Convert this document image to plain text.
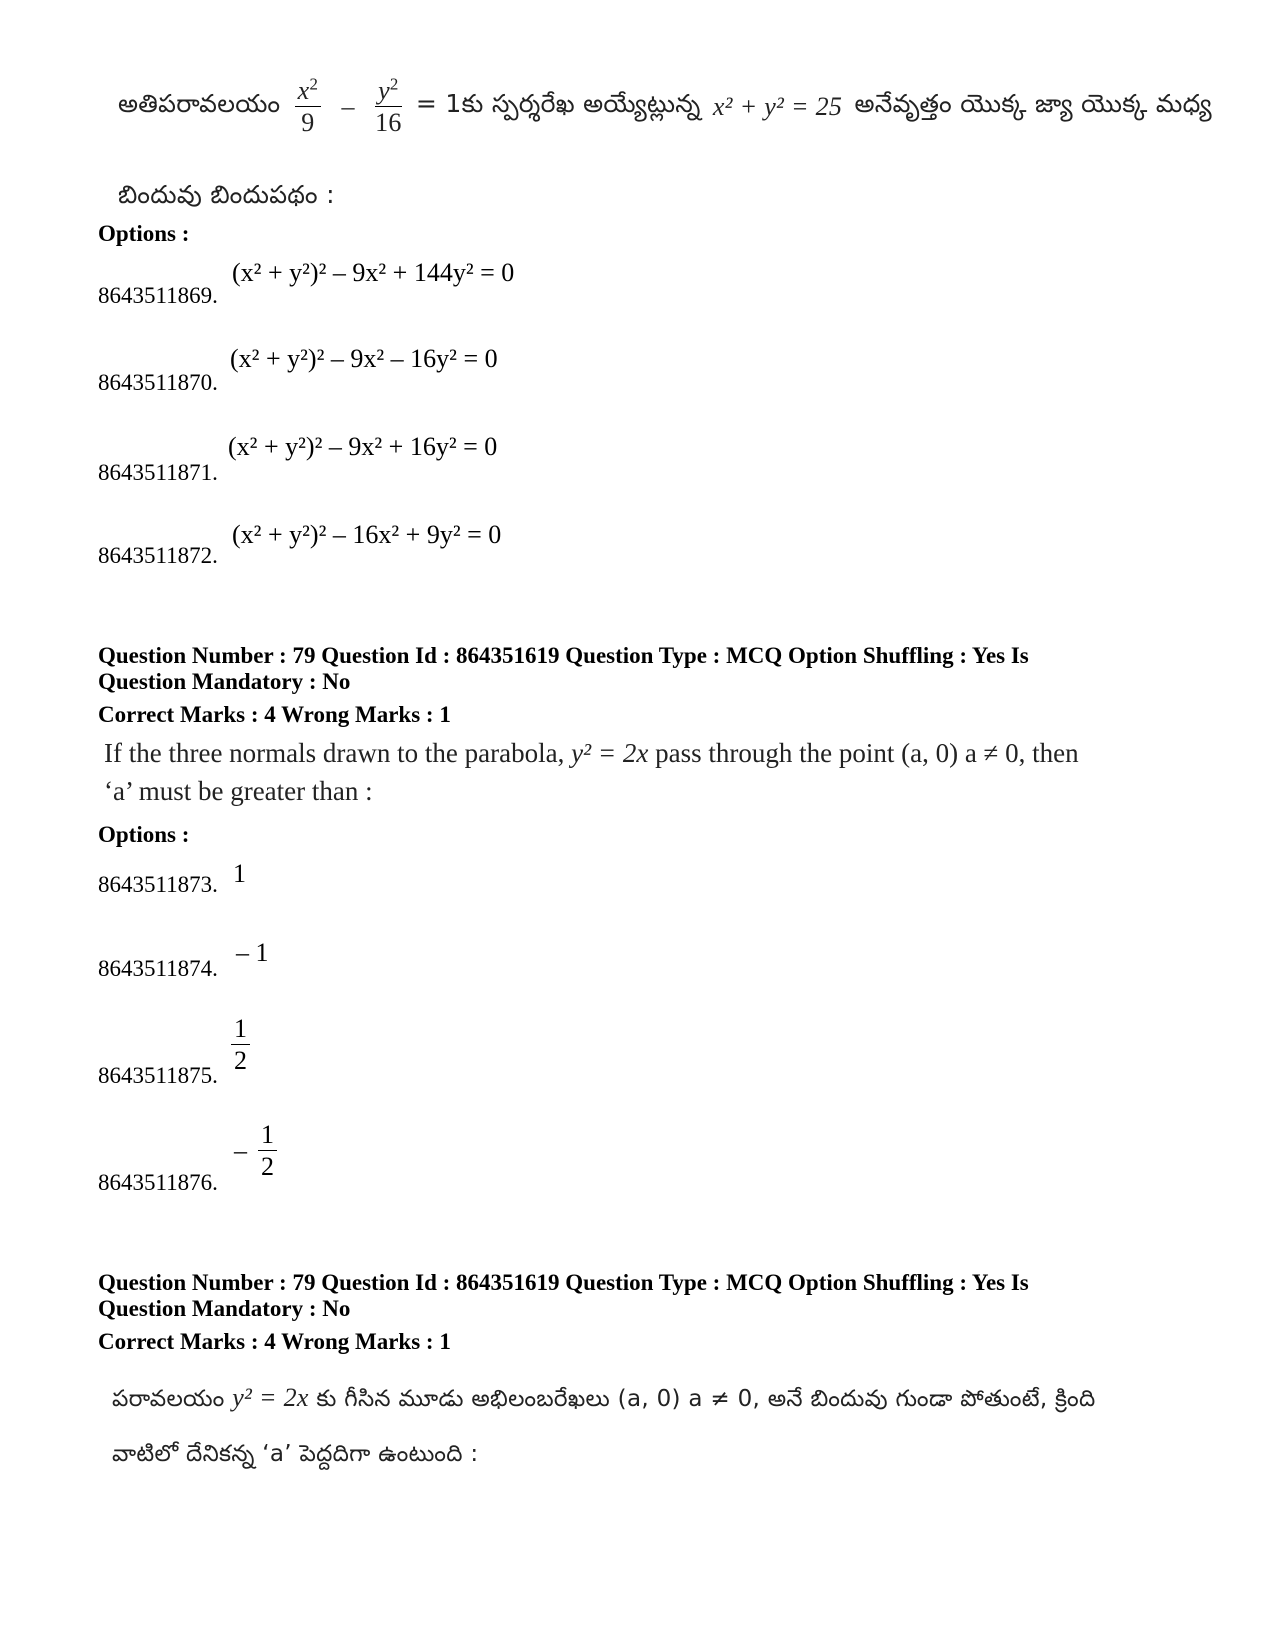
అతిపరావలయం $\frac{x^2}{9} - \frac{y^2}{16}$ = 1కు స్పర్శరేఖ అయ్యేట్లున్న x² + y² = 25 అనేవృత్తం యొక్క జ్యా యొక్క మధ్య
బిందువు బిందుపథం :
Options :
8643511869.
(x² + y²)² – 9x² + 144y² = 0
8643511870.
(x² + y²)² – 9x² – 16y² = 0
8643511871.
(x² + y²)² – 9x² + 16y² = 0
8643511872.
(x² + y²)² – 16x² + 9y² = 0
Question Number : 79 Question Id : 864351619 Question Type : MCQ Option Shuffling : Yes Is
Question Mandatory : No
Correct Marks : 4 Wrong Marks : 1
If the three normals drawn to the parabola, y² = 2x pass through the point (a, 0) a ≠ 0, then
‘a’ must be greater than :
Options :
8643511873. 1
8643511874.
– 1
8643511875.
$\frac{1}{2}$
8643511876.
– $\frac{1}{2}$
Question Number : 79 Question Id : 864351619 Question Type : MCQ Option Shuffling : Yes Is
Question Mandatory : No
Correct Marks : 4 Wrong Marks : 1
పరావలయం y² = 2x కు గీసిన మూడు అభిలంబరేఖలు (a, 0) a ≠ 0, అనే బిందువు గుండా పోతుంటే, క్రింది
వాటిలో దేనికన్న ‘a’ పెద్దదిగా ఉంటుంది :
